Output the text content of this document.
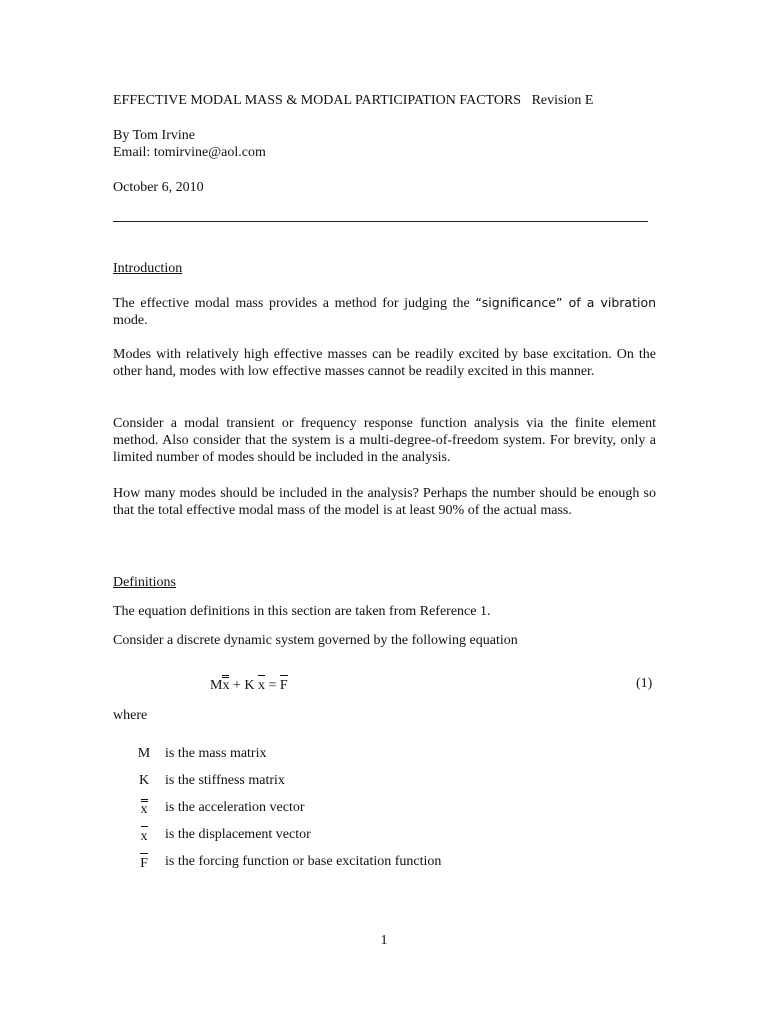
EFFECTIVE MODAL MASS & MODAL PARTICIPATION FACTORS Revision E
By Tom Irvine
Email: tomirvine@aol.com
October 6, 2010
Introduction
The effective modal mass provides a method for judging the “significance” of a vibration mode.
Modes with relatively high effective masses can be readily excited by base excitation. On the other hand, modes with low effective masses cannot be readily excited in this manner.
Consider a modal transient or frequency response function analysis via the finite element method. Also consider that the system is a multi-degree-of-freedom system. For brevity, only a limited number of modes should be included in the analysis.
How many modes should be included in the analysis? Perhaps the number should be enough so that the total effective modal mass of the model is at least 90% of the actual mass.
Definitions
The equation definitions in this section are taken from Reference 1.
Consider a discrete dynamic system governed by the following equation
Mx + K x = F	(1)
where
M is the mass matrix
K is the stiffness matrix
x is the acceleration vector
x is the displacement vector
F is the forcing function or base excitation function
1
